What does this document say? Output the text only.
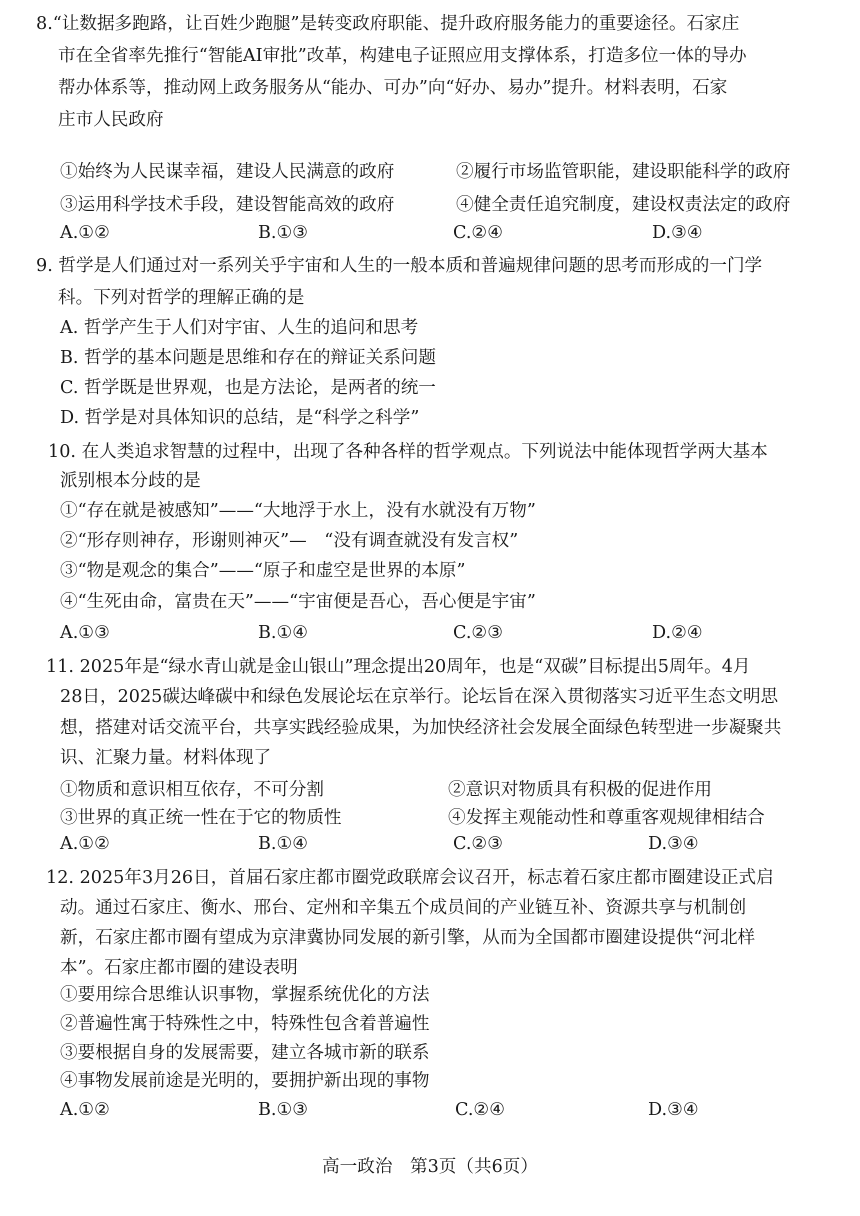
8.“让数据多跑路，让百姓少跑腿”是转变政府职能、提升政府服务能力的重要途径。石家庄
市在全省率先推行“智能AI审批”改革，构建电子证照应用支撑体系，打造多位一体的导办
帮办体系等，推动网上政务服务从“能办、可办”向“好办、易办”提升。材料表明，石家
庄市人民政府
①始终为人民谋幸福，建设人民满意的政府	②履行市场监管职能，建设职能科学的政府
③运用科学技术手段，建设智能高效的政府	④健全责任追究制度，建设权责法定的政府
A.①②	B.①③	C.②④	D.③④
9. 哲学是人们通过对一系列关乎宇宙和人生的一般本质和普遍规律问题的思考而形成的一门学
科。下列对哲学的理解正确的是
A. 哲学产生于人们对宇宙、人生的追问和思考
B. 哲学的基本问题是思维和存在的辩证关系问题
C. 哲学既是世界观，也是方法论，是两者的统一
D. 哲学是对具体知识的总结，是“科学之科学”
10. 在人类追求智慧的过程中，出现了各种各样的哲学观点。下列说法中能体现哲学两大基本
派别根本分歧的是
①“存在就是被感知”——“大地浮于水上，没有水就没有万物”
②“形存则神存，形谢则神灭”—　“没有调查就没有发言权”
③“物是观念的集合”——“原子和虚空是世界的本原”
④“生死由命，富贵在天”——“宇宙便是吾心，吾心便是宇宙”
A.①③	B.①④	C.②③	D.②④
11. 2025年是“绿水青山就是金山银山”理念提出20周年，也是“双碳”目标提出5周年。4月
28日，2025碳达峰碳中和绿色发展论坛在京举行。论坛旨在深入贯彻落实习近平生态文明思
想，搭建对话交流平台，共享实践经验成果，为加快经济社会发展全面绿色转型进一步凝聚共
识、汇聚力量。材料体现了
①物质和意识相互依存，不可分割	②意识对物质具有积极的促进作用
③世界的真正统一性在于它的物质性	④发挥主观能动性和尊重客观规律相结合
A.①②	B.①④	C.②③	D.③④
12. 2025年3月26日，首届石家庄都市圈党政联席会议召开，标志着石家庄都市圈建设正式启
动。通过石家庄、衡水、邢台、定州和辛集五个成员间的产业链互补、资源共享与机制创
新，石家庄都市圈有望成为京津冀协同发展的新引擎，从而为全国都市圈建设提供“河北样
本”。石家庄都市圈的建设表明
①要用综合思维认识事物，掌握系统优化的方法
②普遍性寓于特殊性之中，特殊性包含着普遍性
③要根据自身的发展需要，建立各城市新的联系
④事物发展前途是光明的，要拥护新出现的事物
A.①②	B.①③	C.②④	D.③④
高一政治　第3页（共6页）
